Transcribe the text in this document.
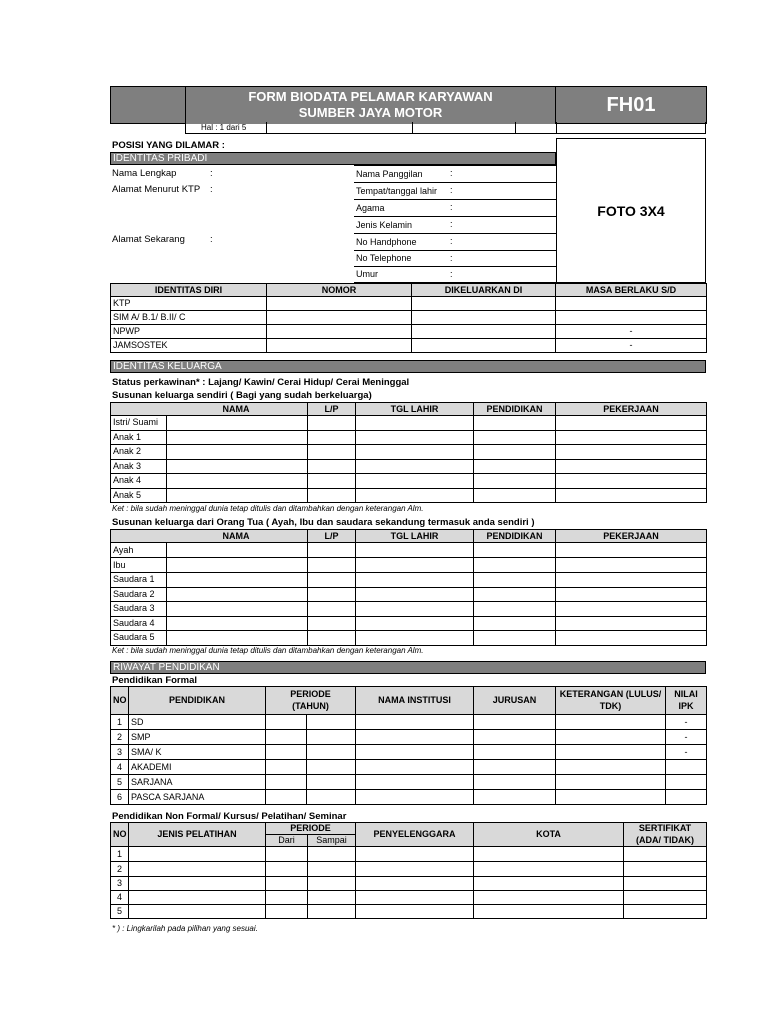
FORM BIODATA PELAMAR KARYAWAN
SUMBER JAYA MOTOR	FH01
Hal : 1 dari 5
POSISI YANG DILAMAR :
IDENTITAS PRIBADI
Nama Lengkap	:
Alamat Menurut KTP :
Alamat Sekarang	:
Nama Panggilan	:

Tempat/tanggal lahir :

Agama	:

Jenis Kelamin	:

No Handphone	:

No Telephone	:

Umur	:
FOTO 3X4
IDENTITAS DIRI	NOMOR	DIKELUARKAN DI	MASA BERLAKU S/D
KTP			
SIM A/ B.1/ B.II/ C			
NPWP			-
JAMSOSTEK			-
IDENTITAS KELUARGA
Status perkawinan* : Lajang/ Kawin/ Cerai Hidup/ Cerai Meninggal
Susunan keluarga sendiri ( Bagi yang sudah berkeluarga)
	NAMA	L/P	TGL LAHIR	PENDIDIKAN	PEKERJAAN
Istri/ Suami					
Anak 1					
Anak 2					
Anak 3					
Anak 4					
Anak 5					
Ket : bila sudah meninggal dunia tetap ditulis dan ditambahkan dengan keterangan Alm.
Susunan keluarga dari Orang Tua ( Ayah, Ibu dan saudara sekandung termasuk anda sendiri )
	NAMA	L/P	TGL LAHIR	PENDIDIKAN	PEKERJAAN
Ayah					
Ibu					
Saudara 1					
Saudara 2					
Saudara 3					
Saudara 4					
Saudara 5					
Ket : bila sudah meninggal dunia tetap ditulis dan ditambahkan dengan keterangan Alm.
RIWAYAT PENDIDIKAN
Pendidikan Formal
NO	PENDIDIKAN	PERIODE (TAHUN)	NAMA INSTITUSI	JURUSAN	KETERANGAN (LULUS/ TDK)	NILAI IPK
1	SD					-
2	SMP					-
3	SMA/ K					-
4	AKADEMI	

5	SARJANA	

6	PASCA SARJANA	

Pendidikan Non Formal/ Kursus/ Pelatihan/ Seminar
NO	JENIS PELATIHAN	PERIODE		PENYELENGGARA	KOTA	SERTIFIKAT (ADA/ TIDAK)
		Dari	Sampai			
1						
2						
3						
4						
5						
* ) : Lingkarilah pada pilihan yang sesuai.
